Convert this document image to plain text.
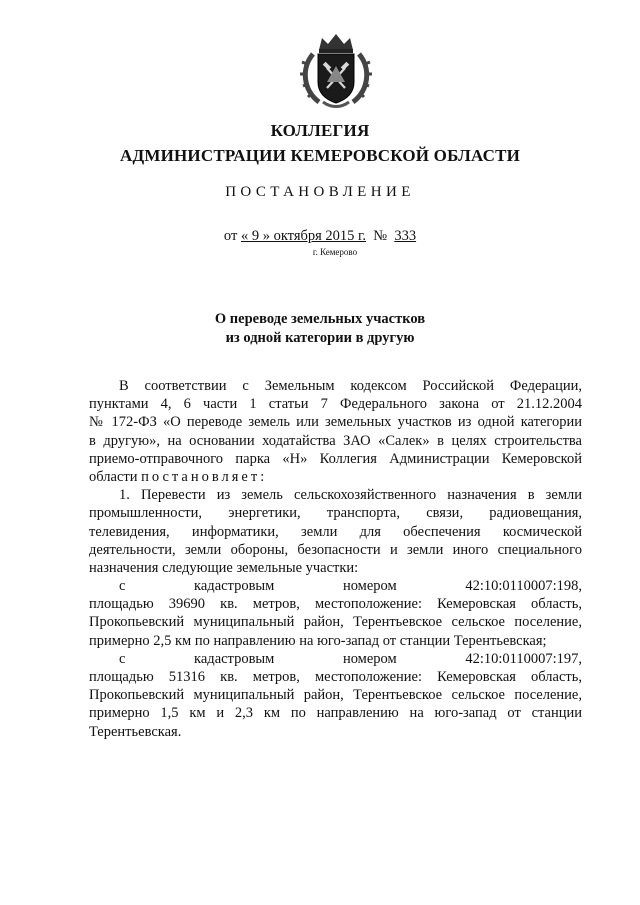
КОЛЛЕГИЯ
АДМИНИСТРАЦИИ КЕМЕРОВСКОЙ ОБЛАСТИ
ПОСТАНОВЛЕНИЕ
от « 9 » октября 2015 г. № 333
г. Кемерово
О переводе земельных участков
из одной категории в другую
В соответствии с Земельным кодексом Российской Федерации,
пунктами 4, 6 части 1 статьи 7 Федерального закона от 21.12.2004
№ 172-ФЗ «О переводе земель или земельных участков из одной категории
в другую», на основании ходатайства ЗАО «Салек» в целях строительства
приемо-отправочного парка «Н» Коллегия Администрации Кемеровской
области постановляет:
1. Перевести из земель сельскохозяйственного назначения в земли
промышленности, энергетики, транспорта, связи, радиовещания,
телевидения, информатики, земли для обеспечения космической
деятельности, земли обороны, безопасности и земли иного специального
назначения следующие земельные участки:
с кадастровым номером 42:10:0110007:198,
площадью 39690 кв. метров, местоположение: Кемеровская область,
Прокопьевский муниципальный район, Терентьевское сельское поселение,
примерно 2,5 км по направлению на юго-запад от станции Терентьевская;
с кадастровым номером 42:10:0110007:197,
площадью 51316 кв. метров, местоположение: Кемеровская область,
Прокопьевский муниципальный район, Терентьевское сельское поселение,
примерно 1,5 км и 2,3 км по направлению на юго-запад от станции
Терентьевская.
